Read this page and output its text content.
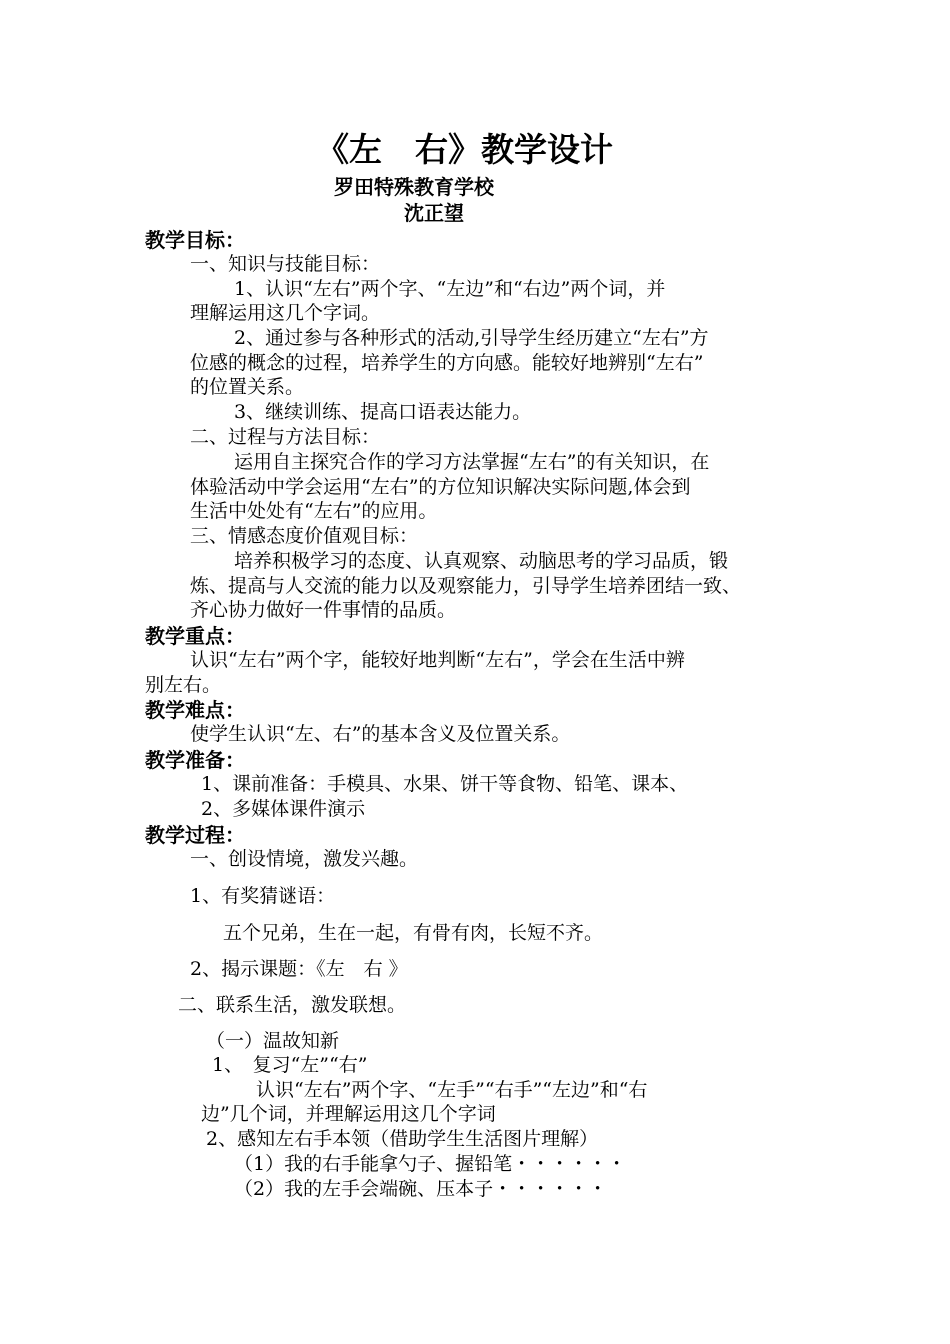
《左　右》教学设计
罗田特殊教育学校
沈正望
教学目标：
一、知识与技能目标：
1、认识“左右”两个字、“左边”和“右边”两个词，并
理解运用这几个字词。
2、通过参与各种形式的活动,引导学生经历建立“左右”方
位感的概念的过程，培养学生的方向感。能较好地辨别“左右”
的位置关系。
3、继续训练、提高口语表达能力。
二、过程与方法目标：
运用自主探究合作的学习方法掌握“左右”的有关知识，在
体验活动中学会运用“左右”的方位知识解决实际问题,体会到
生活中处处有“左右”的应用。
三、情感态度价值观目标：
培养积极学习的态度、认真观察、动脑思考的学习品质，锻
炼、提高与人交流的能力以及观察能力，引导学生培养团结一致、
齐心协力做好一件事情的品质。
教学重点：
认识“左右”两个字，能较好地判断“左右”，学会在生活中辨
别左右。
教学难点：
使学生认识“左、右”的基本含义及位置关系。
教学准备：
1、课前准备：手模具、水果、饼干等食物、铅笔、课本、
2、多媒体课件演示
教学过程：
一、创设情境，激发兴趣。
1、有奖猜谜语：
五个兄弟，生在一起，有骨有肉，长短不齐。
2、揭示课题：《左　右 》
二、联系生活，激发联想。
（一）温故知新
1、　复习“左”“右”
认识“左右”两个字、“左手”“右手”“左边”和“右
边”几个词，并理解运用这几个字词
2、感知左右手本领（借助学生生活图片理解）
（1）我的右手能拿勺子、握铅笔・・・・・・
（2）我的左手会端碗、压本子・・・・・・
